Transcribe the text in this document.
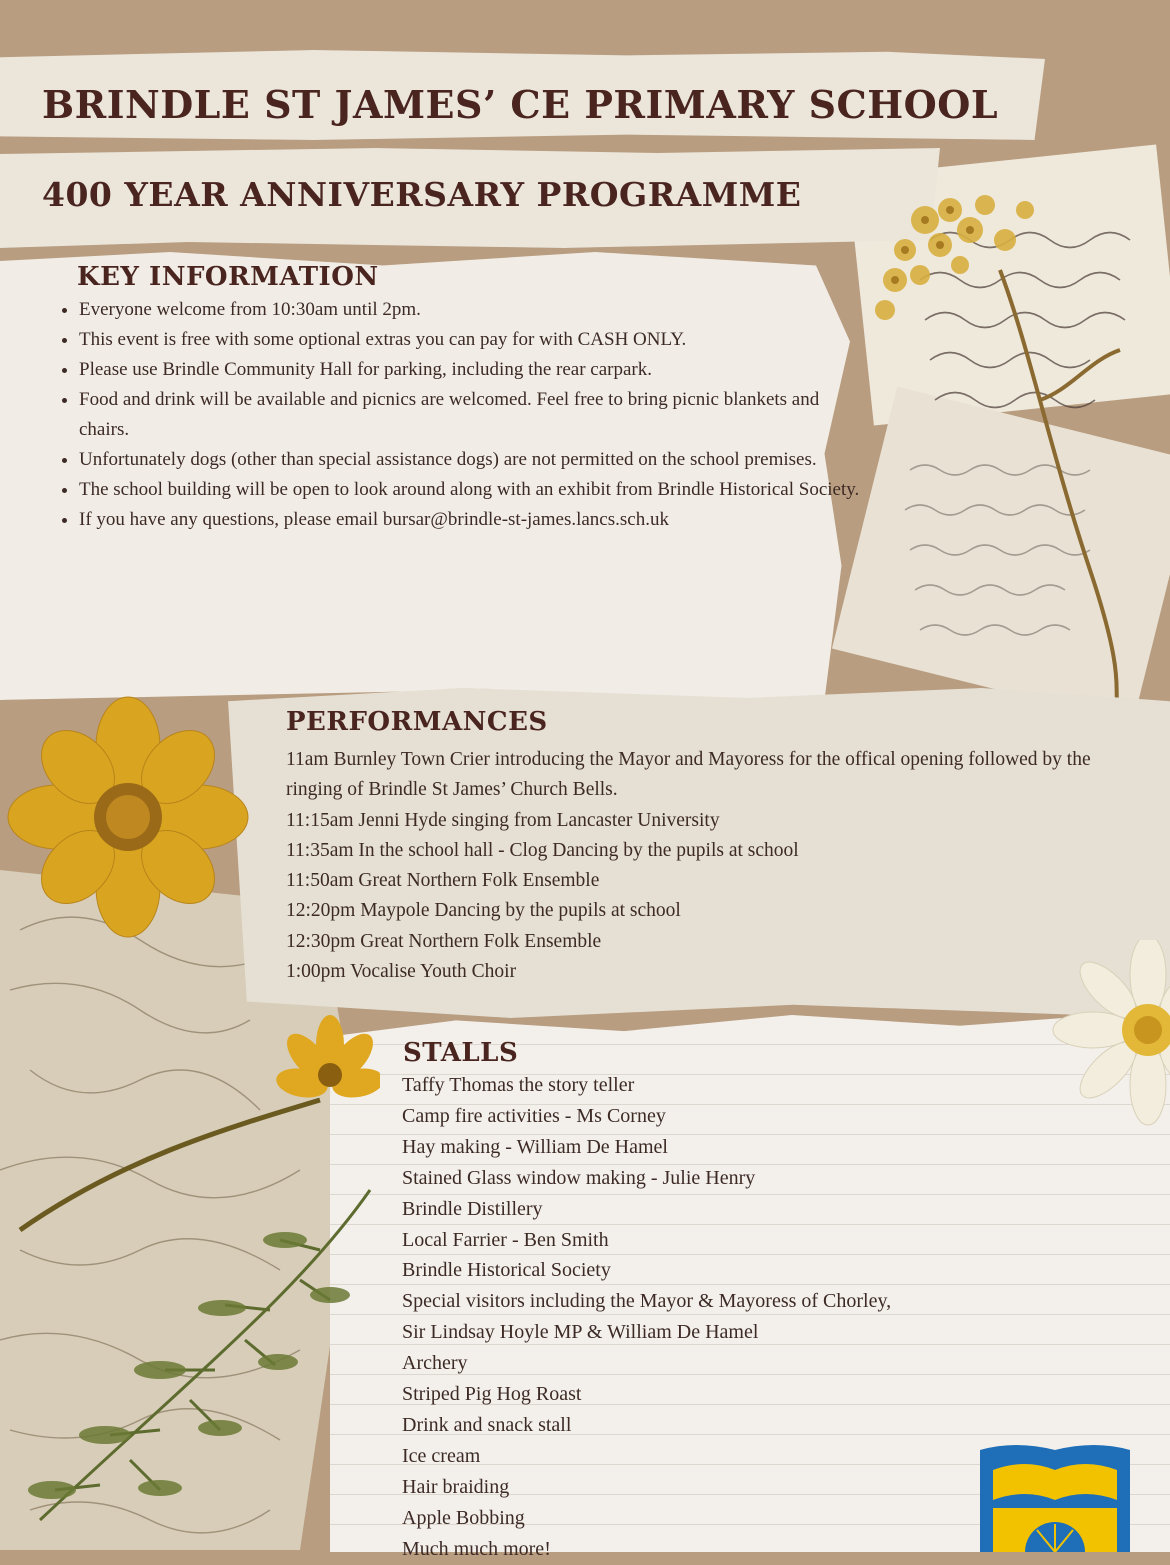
BRINDLE ST JAMES’ CE PRIMARY SCHOOL
400 YEAR ANNIVERSARY PROGRAMME
KEY INFORMATION
• Everyone welcome from 10:30am until 2pm.
• This event is free with some optional extras you can pay for with CASH ONLY.
• Please use Brindle Community Hall for parking, including the rear carpark.
• Food and drink will be available and picnics are welcomed. Feel free to bring picnic blankets and chairs.
• Unfortunately dogs (other than special assistance dogs) are not permitted on the school premises.
• The school building will be open to look around along with an exhibit from Brindle Historical Society.
• If you have any questions, please email bursar@brindle-st-james.lancs.sch.uk
PERFORMANCES
11am Burnley Town Crier introducing the Mayor and Mayoress for the offical opening followed by the ringing of Brindle St James’ Church Bells.
11:15am Jenni Hyde singing from Lancaster University
11:35am In the school hall - Clog Dancing by the pupils at school
11:50am Great Northern Folk Ensemble
12:20pm Maypole Dancing by the pupils at school
12:30pm Great Northern Folk Ensemble
1:00pm Vocalise Youth Choir
STALLS
Taffy Thomas the story teller
Camp fire activities - Ms Corney
Hay making - William De Hamel
Stained Glass window making - Julie Henry
Brindle Distillery
Local Farrier - Ben Smith
Brindle Historical Society
Special visitors including the Mayor & Mayoress of Chorley,
Sir Lindsay Hoyle MP & William De Hamel
Archery
Striped Pig Hog Roast
Drink and snack stall
Ice cream
Hair braiding
Apple Bobbing
Much much more!
